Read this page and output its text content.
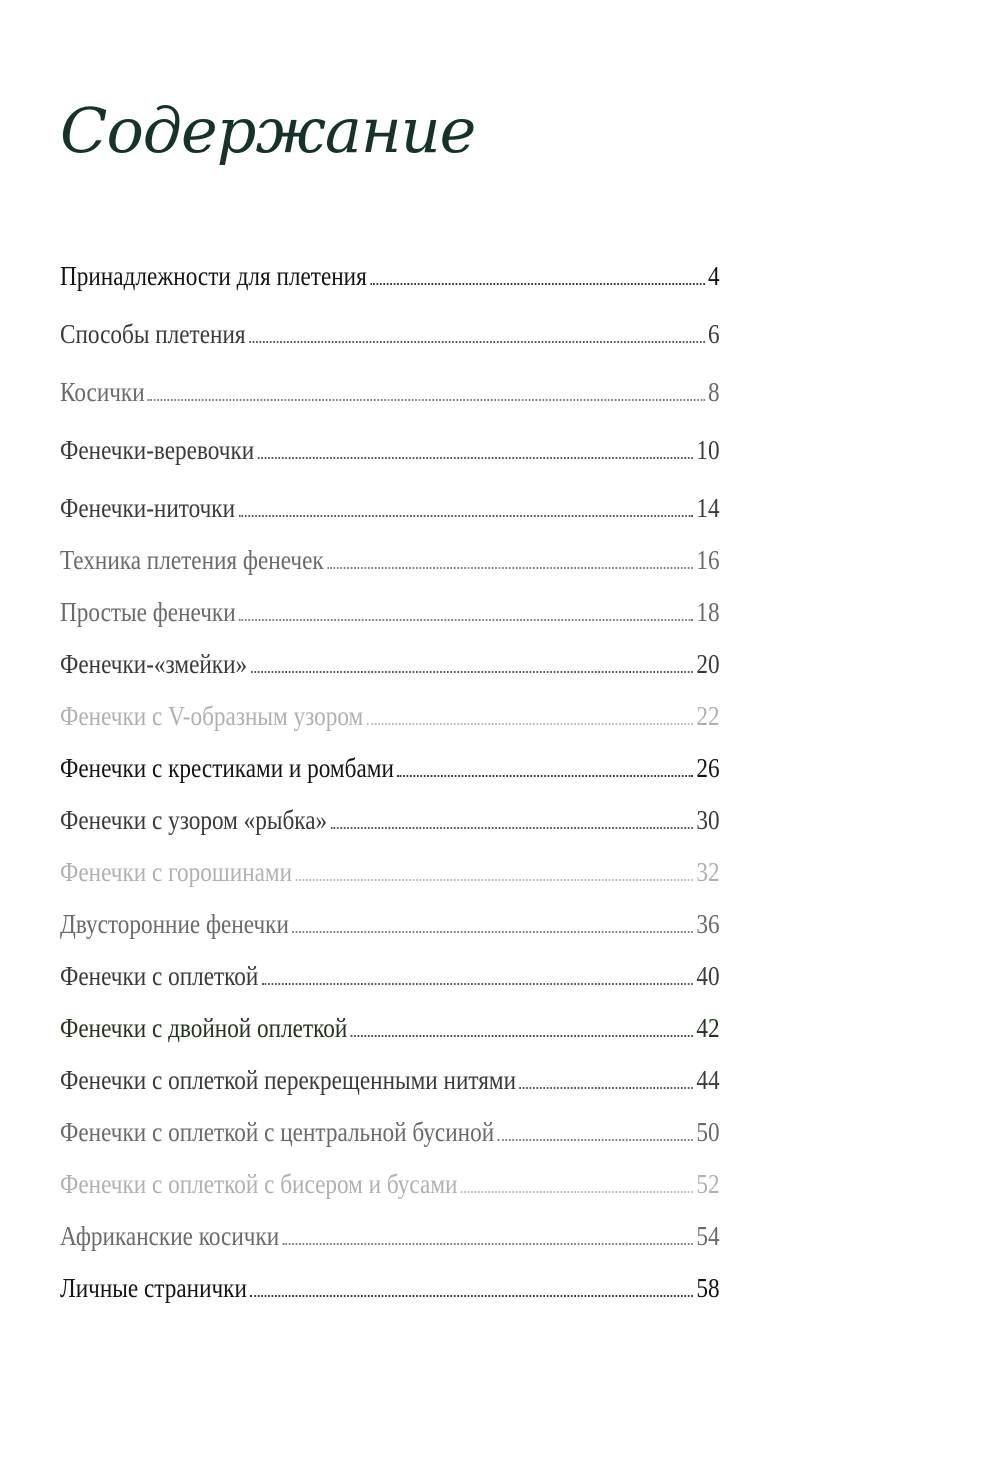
Содержание
Принадлежности для плетения	4
Способы плетения	6
Косички	8
Фенечки-веревочки	10
Фенечки-ниточки	14
Техника плетения фенечек	16
Простые фенечки	18
Фенечки-«змейки»	20
Фенечки с V-образным узором	22
Фенечки с крестиками и ромбами	26
Фенечки с узором «рыбка»	30
Фенечки с горошинами	32
Двусторонние фенечки	36
Фенечки с оплеткой	40
Фенечки с двойной оплеткой	42
Фенечки с оплеткой перекрещенными нитями	44
Фенечки с оплеткой с центральной бусиной	50
Фенечки с оплеткой с бисером и бусами	52
Африканские косички	54
Личные странички	58
